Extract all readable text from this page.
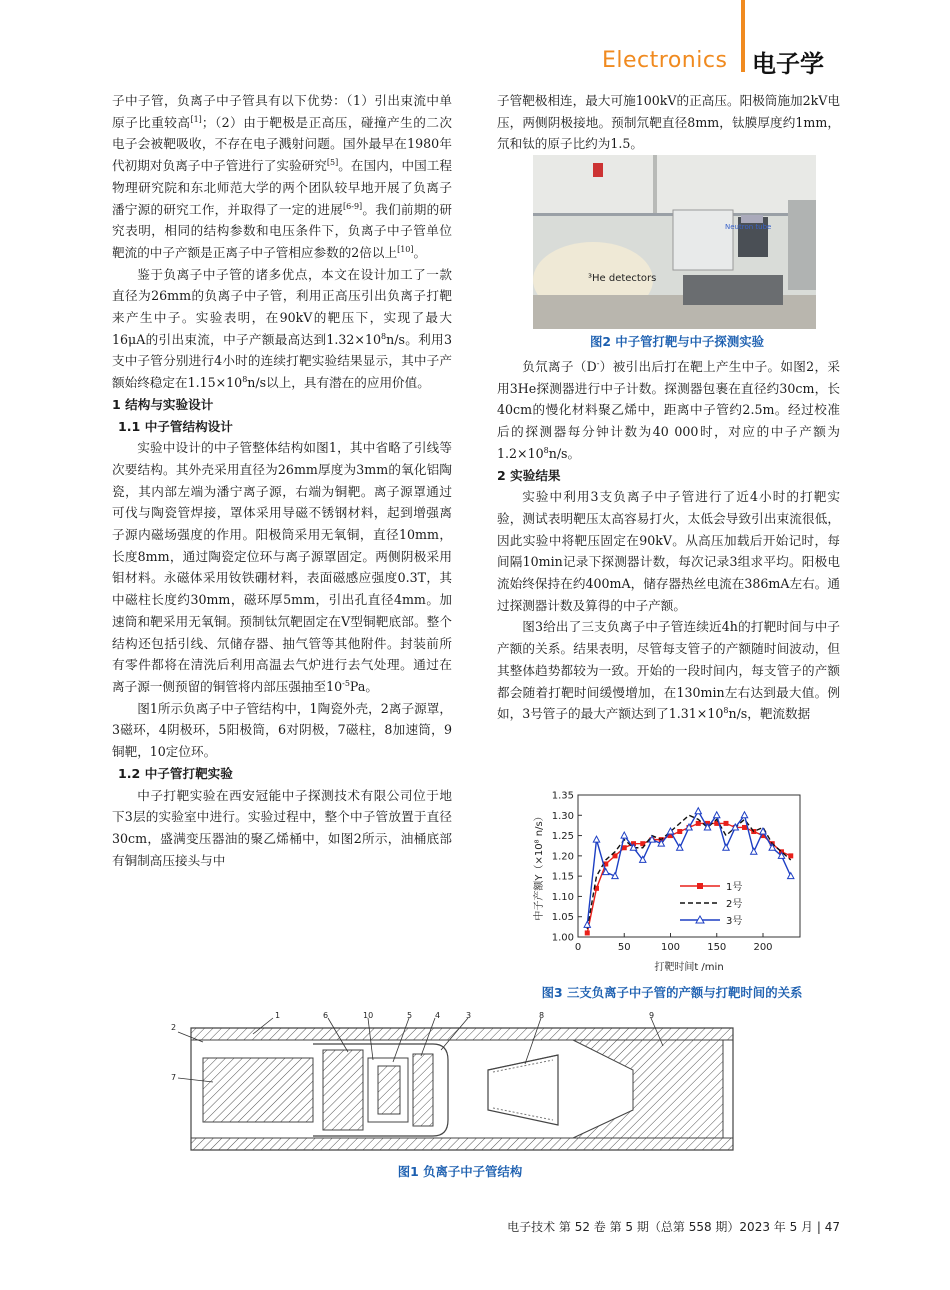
Electronics 电子学

子中子管，负离子中子管具有以下优势：（1）引出束流中单原子比重较高[1]；（2）由于靶极是正高压，碰撞产生的二次电子会被靶吸收，不存在电子溅射问题。国外最早在1980年代初期对负离子中子管进行了实验研究[5]。在国内，中国工程物理研究院和东北师范大学的两个团队较早地开展了负离子潘宁源的研究工作，并取得了一定的进展[6-9]。我们前期的研究表明，相同的结构参数和电压条件下，负离子中子管单位靶流的中子产额是正离子中子管相应参数的2倍以上[10]。

鉴于负离子中子管的诸多优点，本文在设计加工了一款直径为26mm的负离子中子管，利用正高压引出负离子打靶来产生中子。实验表明，在90kV的靶压下，实现了最大16μA的引出束流，中子产额最高达到$1.32\times 10^8n/s$。利用3支中子管分别进行4小时的连续打靶实验结果显示，其中子产额始终稳定在$1.15\times 10^8n/s$以上，具有潜在的应用价值。

1 结构与实验设计
1.1 中子管结构设计

实验中设计的中子管整体结构如图1，其中省略了引线等次要结构。其外壳采用直径为26mm厚度为3mm的氧化铝陶瓷，其内部左端为潘宁离子源，右端为铜靶。离子源罩通过可伐与陶瓷管焊接，罩体采用导磁不锈钢材料，起到增强离子源内磁场强度的作用。阳极筒采用无氧铜，直径10mm，长度8mm，通过陶瓷定位环与离子源罩固定。两侧阴极采用钼材料。永磁体采用钕铁硼材料，表面磁感应强度0.3T，其中磁柱长度约30mm，磁环厚5mm，引出孔直径4mm。加速筒和靶采用无氧铜。预制钛氘靶固定在V型铜靶底部。整个结构还包括引线、氘储存器、抽气管等其他附件。封装前所有零件都将在清洗后利用高温去气炉进行去气处理。通过在离子源一侧预留的铜管将内部压强抽至$10^{-5}Pa$。

图1所示负离子中子管结构中，1陶瓷外壳，2离子源罩，3磁环，4阴极环，5阳极筒，6对阴极，7磁柱，8加速筒，9铜靶，10定位环。

1.2 中子管打靶实验

中子打靶实验在西安冠能中子探测技术有限公司位于地下3层的实验室中进行。实验过程中，整个中子管放置于直径30cm，盛满变压器油的聚乙烯桶中，如图2所示，油桶底部有铜制高压接头与中

子管靶极相连，最大可施100kV的正高压。阳极筒施加2kV电压，两侧阴极接地。预制氘靶直径8mm，钛膜厚度约1mm，氘和钛的原子比约为1.5。

³He detectors
Neutron tube
图2 中子管打靶与中子探测实验

负氘离子（D-）被引出后打在靶上产生中子。如图2，采用3He探测器进行中子计数。探测器包裹在直径约30cm，长40cm的慢化材料聚乙烯中，距离中子管约2.5m。经过校准后的探测器每分钟计数为40 000时，对应的中子产额为$1.2\times 10^8n/s$。

2 实验结果

实验中利用3支负离子中子管进行了近4小时的打靶实验，测试表明靶压太高容易打火，太低会导致引出束流很低，因此实验中将靶压固定在90kV。从高压加载后开始记时，每间隔10min记录下探测器计数，每次记录3组求平均。阳极电流始终保持在约400mA，储存器热丝电流在386mA左右。通过探测器计数及算得的中子产额。

图3给出了三支负离子中子管连续近4h的打靶时间与中子产额的关系。结果表明，尽管每支管子的产额随时间波动，但其整体趋势都较为一致。开始的一段时间内，每支管子的产额都会随着打靶时间缓慢增加，在130min左右达到最大值。例如，3号管子的最大产额达到了$1.31\times 10^8n/s$，靶流数据

1.00
1.05
1.10
1.15
1.20
1.25
1.30
1.35
0	50	100	150	200
打靶时间t /min
中子产额Y（×10⁸ n/s）	1号
2号
3号
图3 三支负离子中子管的产额与打靶时间的关系
1
2
3
4
5
6
7
8	9
10
图1 负离子中子管结构
电子技术 第 52 卷 第 5 期（总第 558 期）2023 年 5 月 | 47
